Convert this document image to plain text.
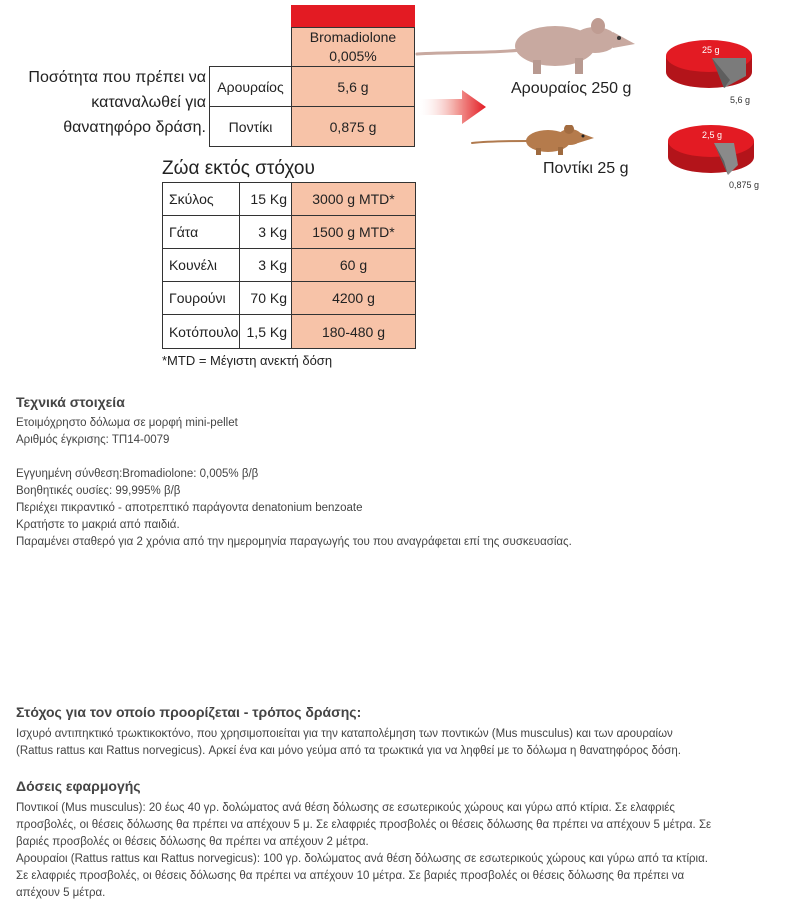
Bromadiolone
0,005%
Αρουραίος	5,6 g
Ποντίκι	0,875 g
Ποσότητα που πρέπει να
καταναλωθεί για
θανατηφόρο δράση.
Αρουραίος 250 g
Ποντίκι 25 g
25 g
5,6 g
2,5 g
0,875 g
Ζώα εκτός στόχου
Σκύλος	15 Kg 3000 g MTD*
Γάτα	3 Kg 1500 g MTD*
Κουνέλι	3 Kg	60 g
Γουρούνι 70 Kg	4200 g
Κοτόπουλο 1,5 Kg 180-480 g
*MTD = Μέγιστη ανεκτή δόση
Τεχνικά στοιχεία
Ετοιμόχρηστο δόλωμα σε μορφή mini-pellet
Αριθμός έγκρισης: ΤΠ14-0079
Εγγυημένη σύνθεση:Bromadiolone: 0,005% β/β
Βοηθητικές ουσίες: 99,995% β/β
Περιέχει πικραντικό - αποτρεπτικό παράγοντα denatonium benzoate
Κρατήστε το μακριά από παιδιά.
Παραμένει σταθερό για 2 χρόνια από την ημερομηνία παραγωγής του που αναγράφεται επί της συσκευασίας.
Στόχος για τον οποίο προορίζεται - τρόπος δράσης:
Ισχυρό αντιπηκτικό τρωκτικοκτόνο, που χρησιμοποιείται για την καταπολέμηση των ποντικών (Mus musculus) και των αρουραίων
(Rattus rattus και Rattus norvegicus). Αρκεί ένα και μόνο γεύμα από τα τρωκτικά για να ληφθεί με το δόλωμα η θανατηφόρος δόση.
Δόσεις εφαρμογής
Ποντικοί (Mus musculus): 20 έως 40 γρ. δολώματος ανά θέση δόλωσης σε εσωτερικούς χώρους και γύρω από κτίρια. Σε ελαφριές
προσβολές, οι θέσεις δόλωσης θα πρέπει να απέχουν 5 μ. Σε ελαφριές προσβολές οι θέσεις δόλωσης θα πρέπει να απέχουν 5 μέτρα. Σε
βαριές προσβολές οι θέσεις δόλωσης θα πρέπει να απέχουν 2 μέτρα.
Αρουραίοι (Rattus rattus και Rattus norvegicus): 100 γρ. δολώματος ανά θέση δόλωσης σε εσωτερικούς χώρους και γύρω από τα κτίρια.
Σε ελαφριές προσβολές, οι θέσεις δόλωσης θα πρέπει να απέχουν 10 μέτρα. Σε βαριές προσβολές οι θέσεις δόλωσης θα πρέπει να
απέχουν 5 μέτρα.
